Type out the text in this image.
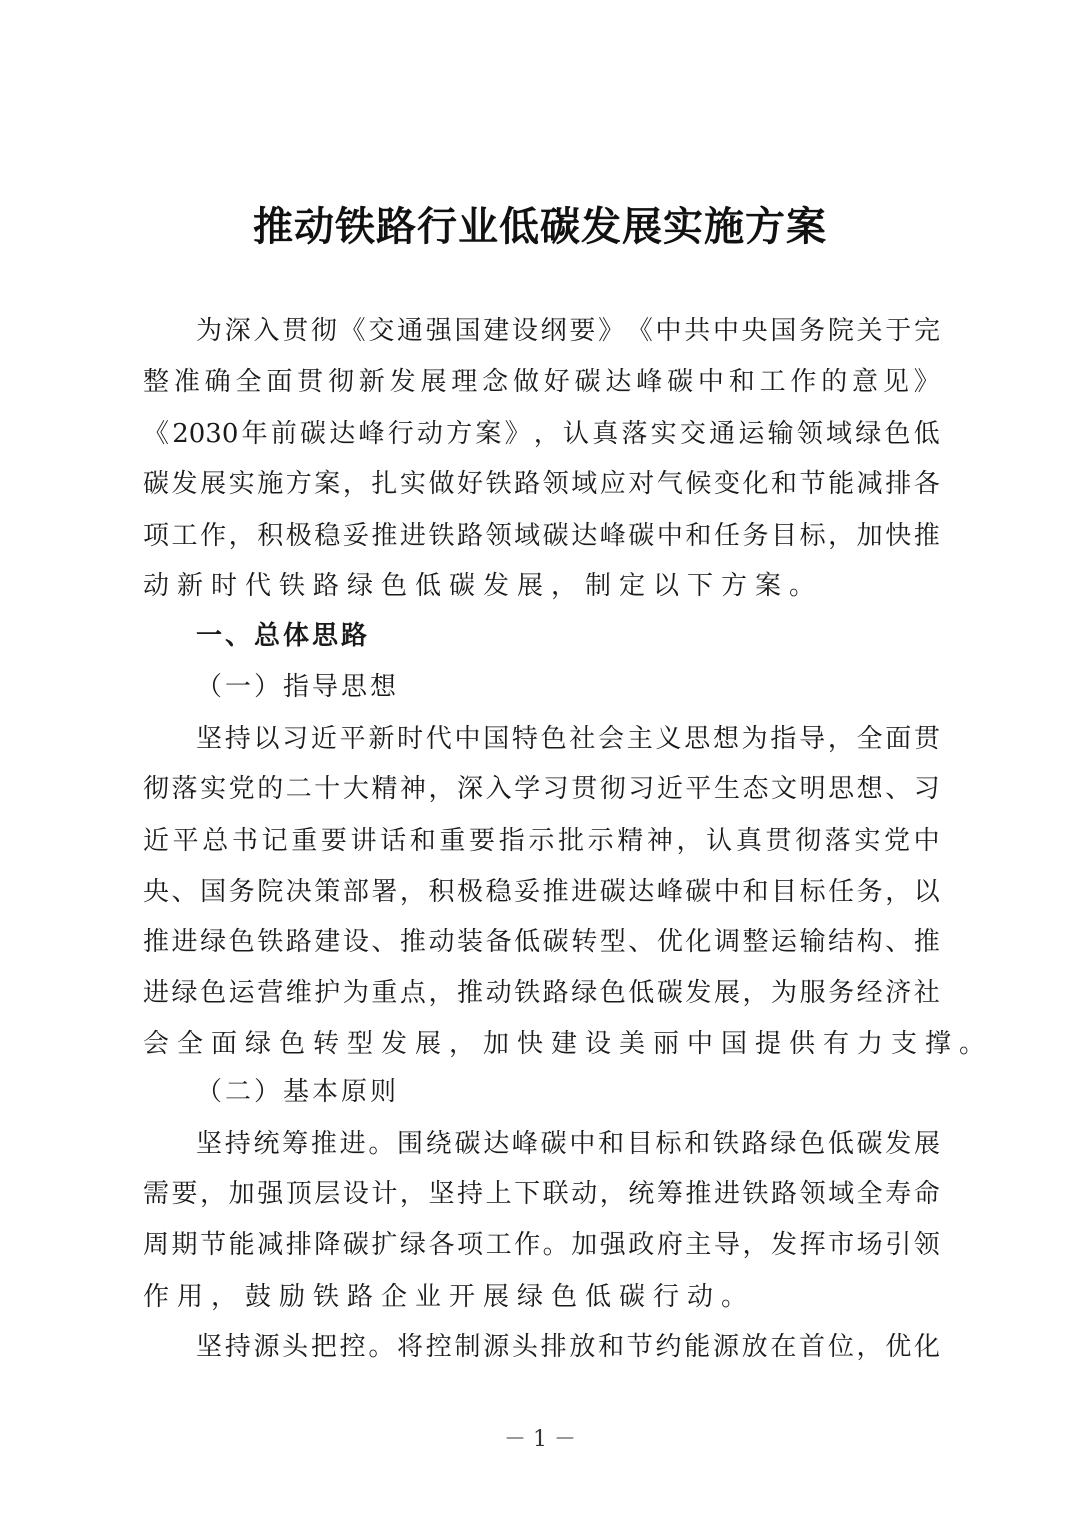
推动铁路行业低碳发展实施方案
为 深 入 贯 彻 《 交 通 强 国 建 设 纲 要 》 《 中 共 中 央 国 务 院 关 于 完
整 准 确 全 面 贯 彻 新 发 展 理 念 做 好 碳 达 峰 碳 中 和 工 作 的 意 见 》
《 2030 年 前 碳 达 峰 行 动 方 案 》 ， 认 真 落 实 交 通 运 输 领 域 绿 色 低
碳 发 展 实 施 方 案 ， 扎 实 做 好 铁 路 领 域 应 对 气 候 变 化 和 节 能 减 排 各
项 工 作 ， 积 极 稳 妥 推 进 铁 路 领 域 碳 达 峰 碳 中 和 任 务 目 标 ， 加 快 推
动新时代铁路绿色低碳发展，制定以下方案。
一、总体思路
（一）指导思想
坚 持 以 习 近 平 新 时 代 中 国 特 色 社 会 主 义 思 想 为 指 导 ， 全 面 贯
彻 落 实 党 的 二 十 大 精 神 ， 深 入 学 习 贯 彻 习 近 平 生 态 文 明 思 想 、 习
近 平 总 书 记 重 要 讲 话 和 重 要 指 示 批 示 精 神 ， 认 真 贯 彻 落 实 党 中
央 、 国 务 院 决 策 部 署 ， 积 极 稳 妥 推 进 碳 达 峰 碳 中 和 目 标 任 务 ， 以
推 进 绿 色 铁 路 建 设 、 推 动 装 备 低 碳 转 型 、 优 化 调 整 运 输 结 构 、 推
进 绿 色 运 营 维 护 为 重 点 ， 推 动 铁 路 绿 色 低 碳 发 展 ， 为 服 务 经 济 社
会全面绿色转型发展，加快建设美丽中国提供有力支撑。
（二）基本原则
坚 持 统 筹 推 进 。 围 绕 碳 达 峰 碳 中 和 目 标 和 铁 路 绿 色 低 碳 发 展
需 要 ， 加 强 顶 层 设 计 ， 坚 持 上 下 联 动 ， 统 筹 推 进 铁 路 领 域 全 寿 命
周 期 节 能 减 排 降 碳 扩 绿 各 项 工 作 。 加 强 政 府 主 导 ， 发 挥 市 场 引 领
作用，鼓励铁路企业开展绿色低碳行动。
坚 持 源 头 把 控 。 将 控 制 源 头 排 放 和 节 约 能 源 放 在 首 位 ， 优 化
－ 1 －
